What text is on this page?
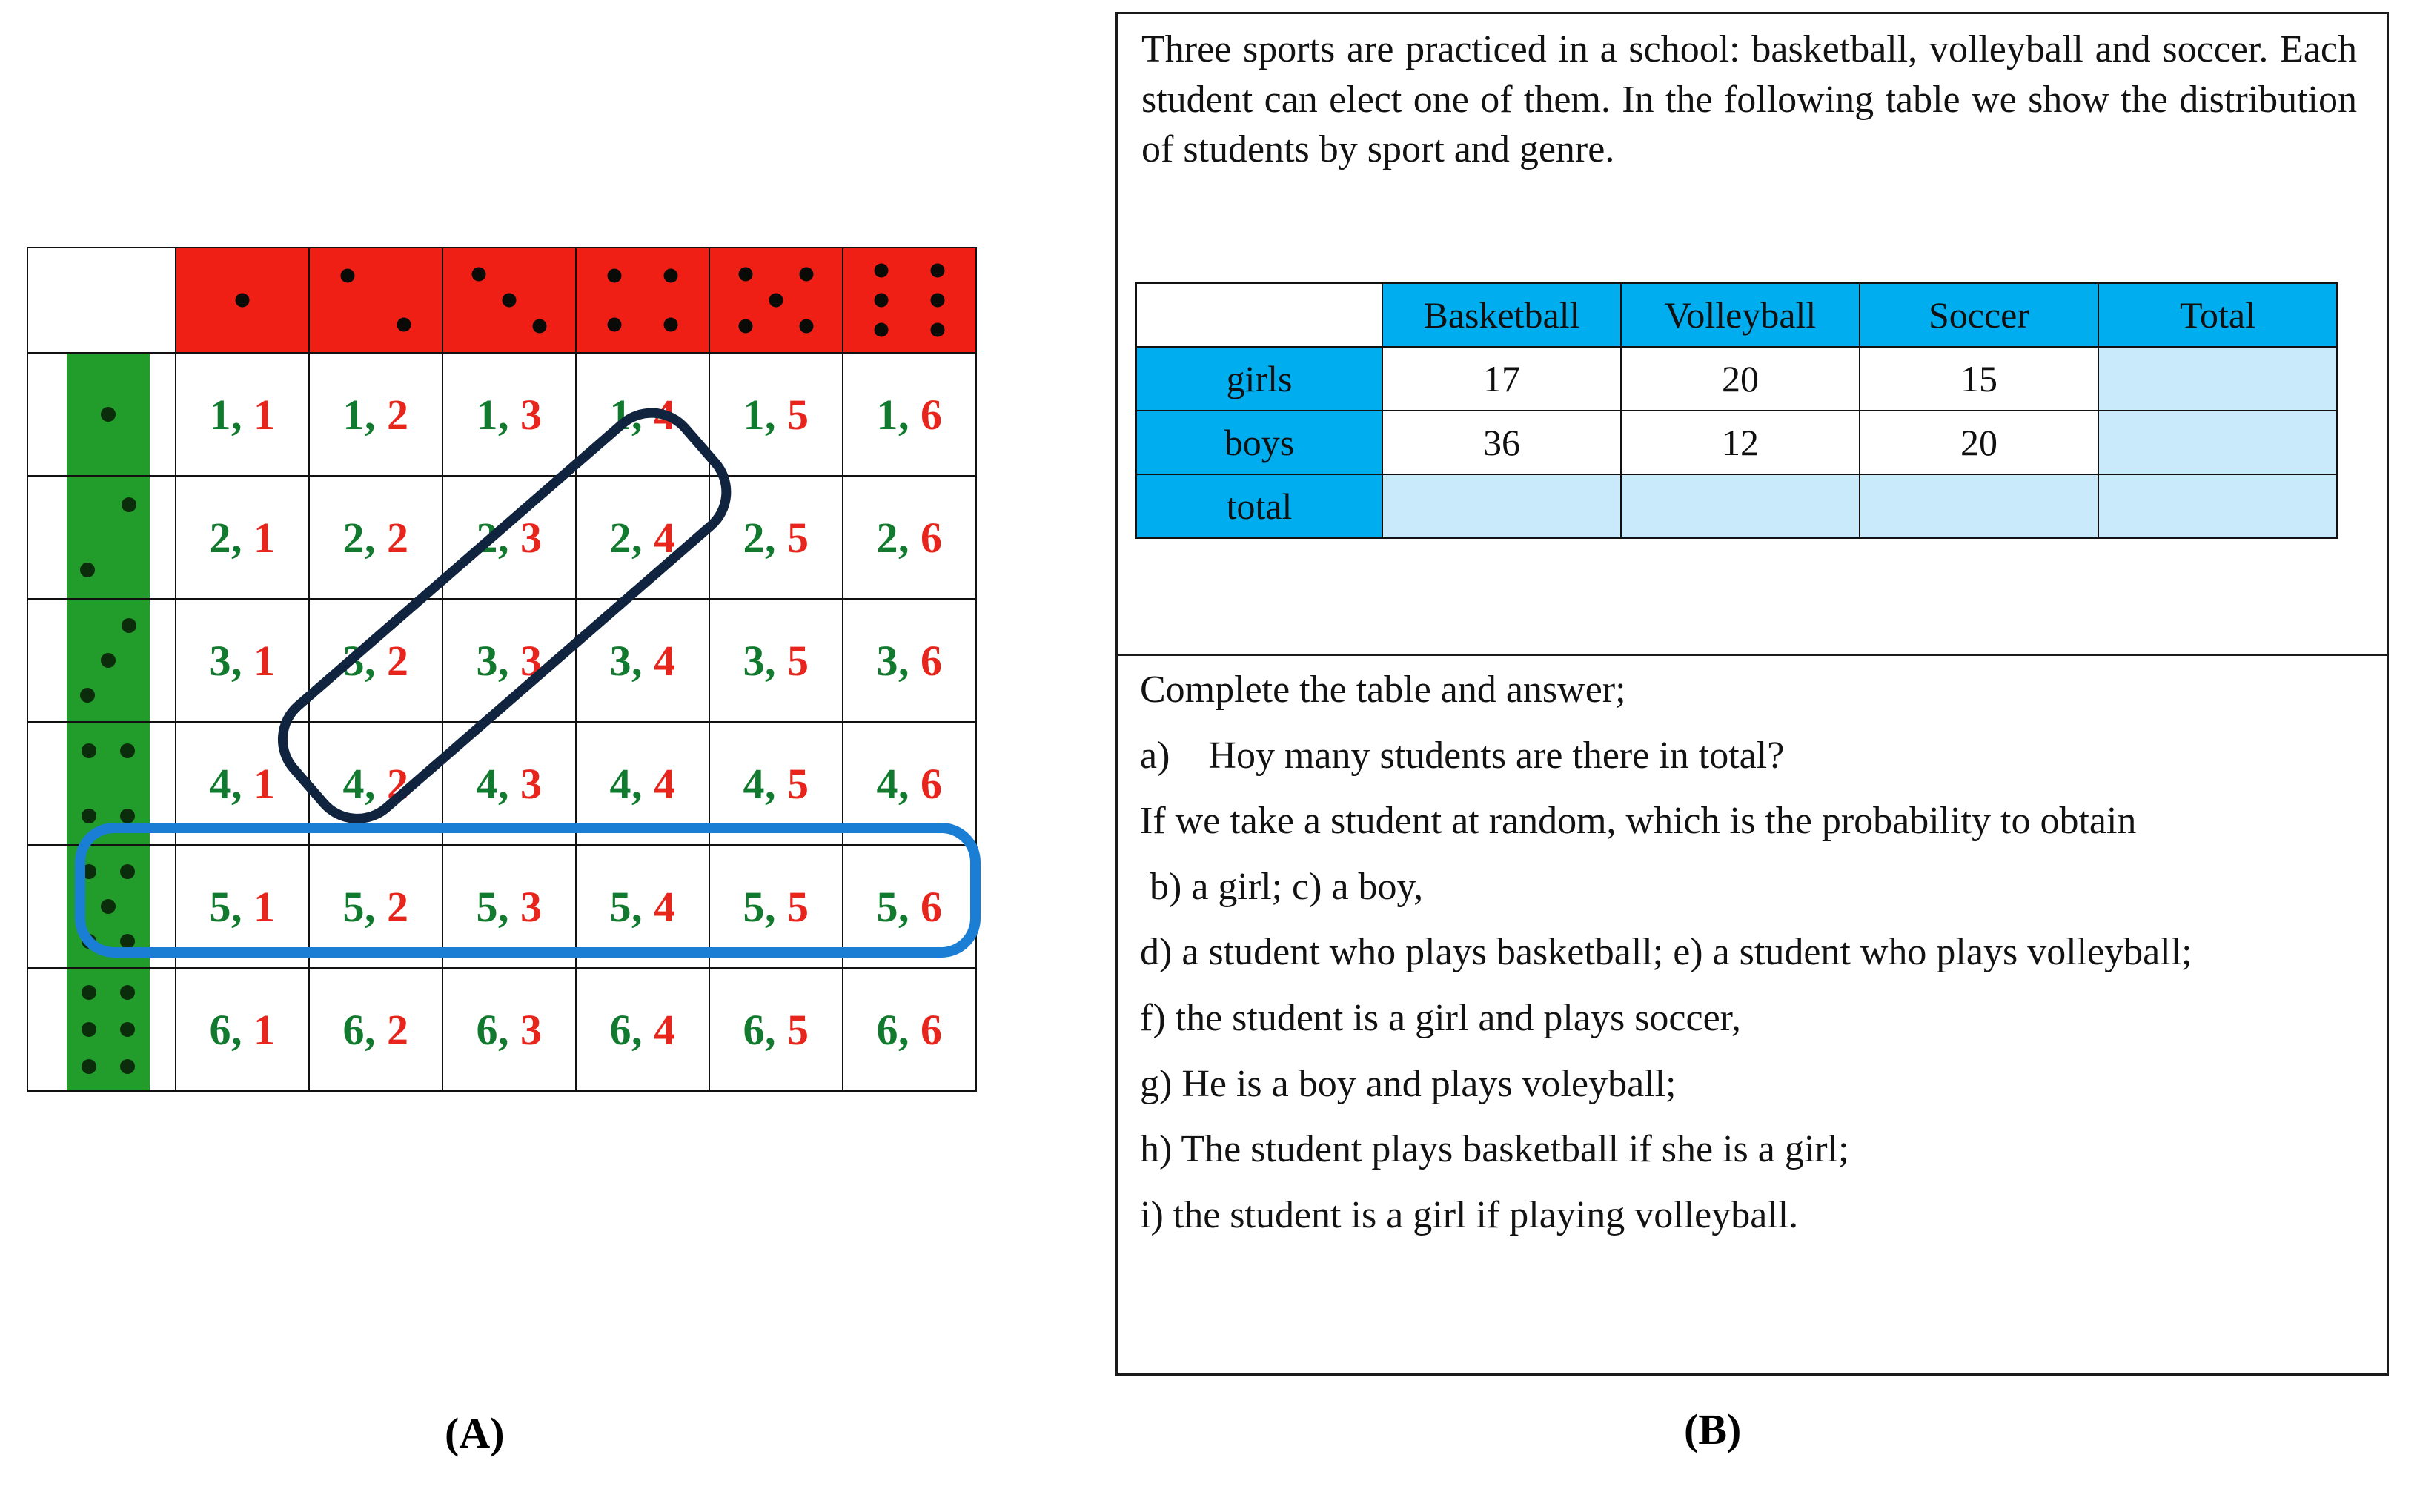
	1, 1	1, 2	1, 3	1, 4	1, 5	1, 6

	2, 1	2, 2	2, 3	2, 4	2, 5	2, 6

	3, 1	3, 2	3, 3	3, 4	3, 5	3, 6

	4, 1	4, 2	4, 3	4, 4	4, 5	4, 6

	5, 1	5, 2	5, 3	5, 4	5, 5	5, 6

	6, 1	6, 2	6, 3	6, 4	6, 5	6, 6
(A)
Three sports are practiced in a school: basketball, volleyball and soccer. Each student can elect one of them. In the following table we show the distribution of students by sport and genre.
	Basketball	Volleyball	Soccer	Total
girls	17	20	15	
boys	36	12	20	
total				

Complete the table and answer;

a) Hoy many students are there in total?

If we take a student at random, which is the probability to obtain

b) a girl; c) a boy,

d) a student who plays basketball; e) a student who plays volleyball;

f) the student is a girl and plays soccer,

g) He is a boy and plays voleyball;

h) The student plays basketball if she is a girl;

i) the student is a girl if playing volleyball.

(B)
